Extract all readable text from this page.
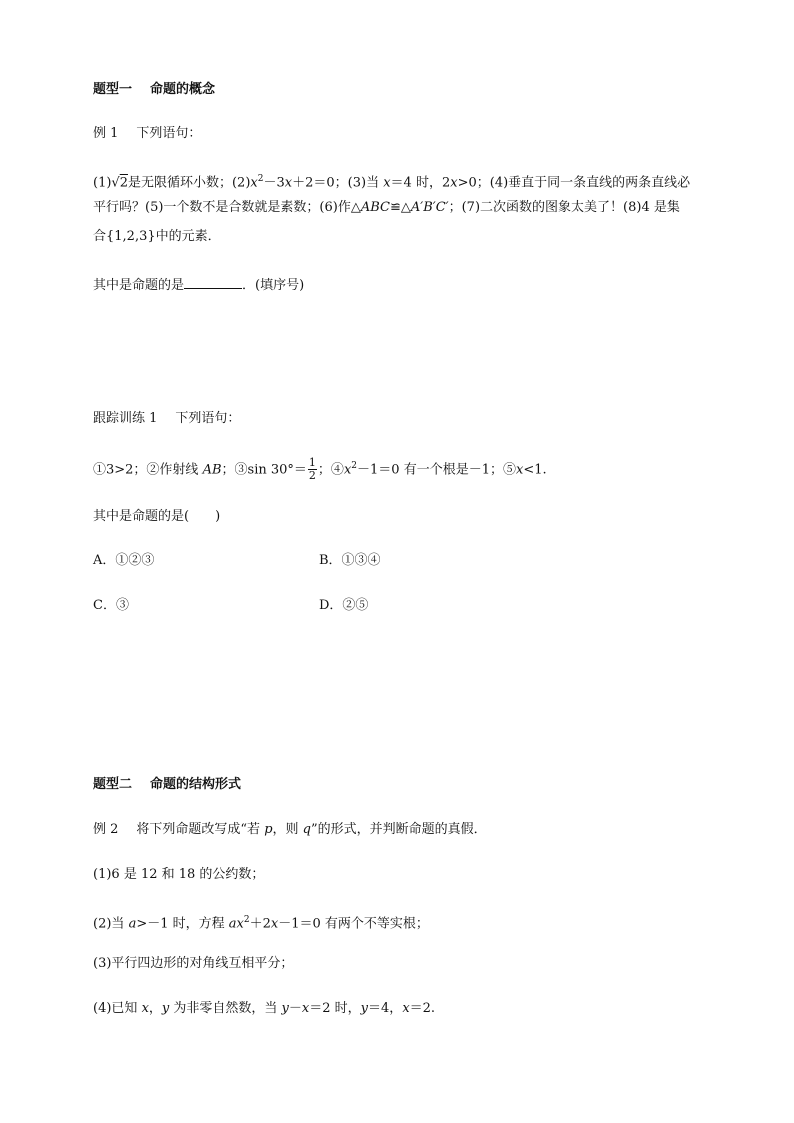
题型一 命题的概念
例 1 下列语句：
(1)√2是无限循环小数；$(2)x^2-3x+2=0$；(3)当 x＝4 时，2x>0；(4)垂直于同一条直线的两条直线必
平行吗？(5)一个数不是合数就是素数；(6)作△ABC≌△A′B′C′；(7)二次函数的图象太美了！(8)4 是集
合{1,2,3}中的元素．
其中是命题的是	．(填序号)
跟踪训练 1 下列语句：
①3>2；②作射线 AB；③sin $30^\circ= \frac{1}{2}$ ；$④x^2-1=0$ 有一个根是－1；⑤x<1.
其中是命题的是(　　)
A．①②③	B．①③④
C．③	D．②⑤
题型二 命题的结构形式
例 2 将下列命题改写成“若 p，则 q”的形式，并判断命题的真假．
(1)6 是 12 和 18 的公约数；
(2)当 a>－1 时，方程 $ax^2+2x-1=0$ 有两个不等实根；
(3)平行四边形的对角线互相平分；
(4)已知 x，y 为非零自然数，当 y－x＝2 时，y＝4，x＝2.
